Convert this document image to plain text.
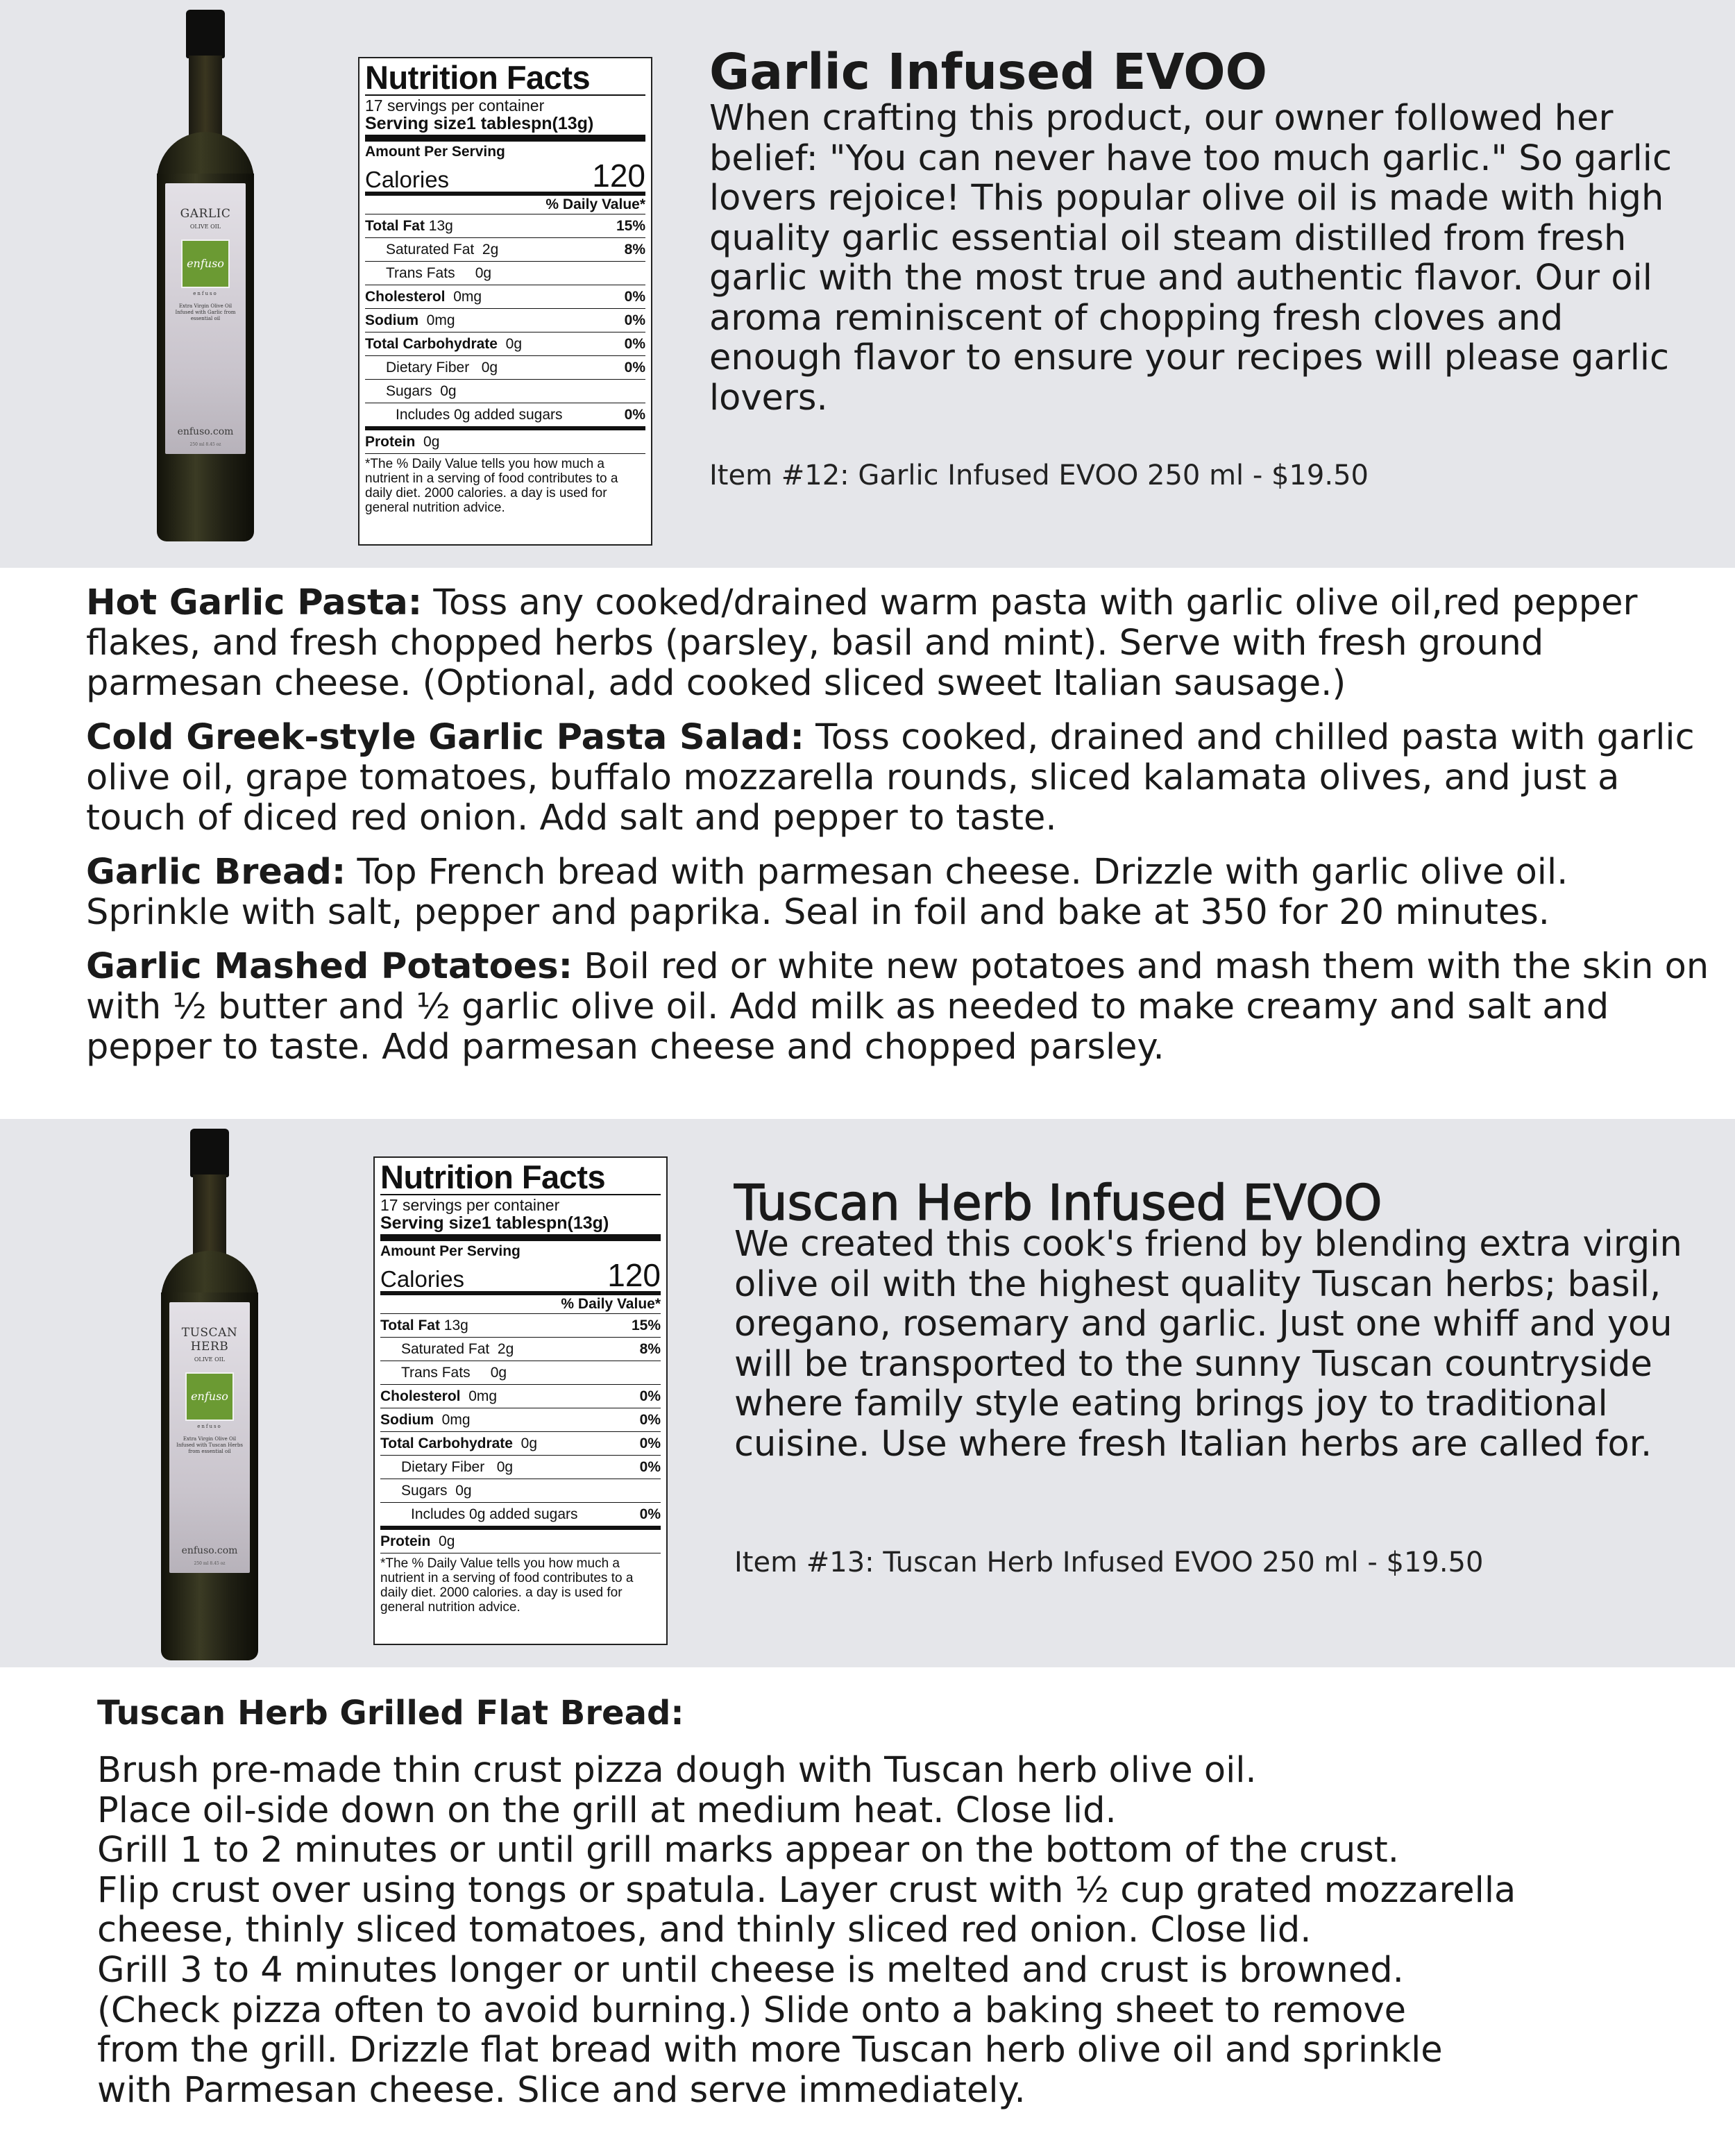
GARLIC
OLIVE OIL
enfuso
enfuso
Extra Virgin Olive Oil Infused with Garlic from essential oil
enfuso.com
250 ml 8.45 oz
Nutrition Facts
17 servings per container
Serving size1 tablespn(13g)
Amount Per Serving
Calories	120
% Daily Value*
Total Fat 13g	15%
Saturated Fat  2g	8%
Trans Fats     0g
Cholesterol  0mg	0%
Sodium  0mg	0%
Total Carbohydrate  0g	0%
Dietary Fiber   0g	0%
Sugars  0g
Includes 0g added sugars	0%
Protein  0g
*The % Daily Value tells you how much a nutrient in a serving of food contributes to a daily diet. 2000 calories. a day is used for general nutrition advice.
Garlic Infused EVOO
When crafting this product, our owner followed her belief: "You can never have too much garlic." So garlic lovers rejoice! This popular olive oil is made with high quality garlic essential oil steam distilled from fresh garlic with the most true and authentic flavor. Our oil aroma reminiscent of chopping fresh cloves and enough flavor to ensure your recipes will please garlic lovers.
Item #12: Garlic Infused EVOO 250 ml - $19.50
Hot Garlic Pasta: Toss any cooked/drained warm pasta with garlic olive oil,red pepper flakes, and fresh chopped herbs (parsley, basil and mint). Serve with fresh ground parmesan cheese. (Optional, add cooked sliced sweet Italian sausage.)
Cold Greek-style Garlic Pasta Salad: Toss cooked, drained and chilled pasta with garlic olive oil, grape tomatoes, buffalo mozzarella rounds, sliced kalamata olives, and just a touch of diced red onion. Add salt and pepper to taste.
Garlic Bread: Top French bread with parmesan cheese. Drizzle with garlic olive oil. Sprinkle with salt, pepper and paprika. Seal in foil and bake at 350 for 20 minutes.
Garlic Mashed Potatoes: Boil red or white new potatoes and mash them with the skin on with ½ butter and ½ garlic olive oil. Add milk as needed to make creamy and salt and pepper to taste. Add parmesan cheese and chopped parsley.
TUSCAN HERB
OLIVE OIL
enfuso
enfuso
Extra Virgin Olive Oil Infused with Tuscan Herbs from essential oil
enfuso.com
250 ml 8.45 oz
Nutrition Facts
17 servings per container
Serving size1 tablespn(13g)
Amount Per Serving
Calories	120
% Daily Value*
Total Fat 13g	15%
Saturated Fat  2g	8%
Trans Fats     0g
Cholesterol  0mg	0%
Sodium  0mg	0%
Total Carbohydrate  0g	0%
Dietary Fiber   0g	0%
Sugars  0g
Includes 0g added sugars	0%
Protein  0g
*The % Daily Value tells you how much a nutrient in a serving of food contributes to a daily diet. 2000 calories. a day is used for general nutrition advice.
Tuscan Herb Infused EVOO
We created this cook's friend by blending extra virgin olive oil with the highest quality Tuscan herbs; basil, oregano, rosemary and garlic. Just one whiff and you will be transported to the sunny Tuscan countryside where family style eating brings joy to traditional cuisine. Use where fresh Italian herbs are called for.
Item #13: Tuscan Herb Infused EVOO 250 ml - $19.50
Tuscan Herb Grilled Flat Bread:
Brush pre-made thin crust pizza dough with Tuscan herb olive oil.
Place oil-side down on the grill at medium heat. Close lid.
Grill 1 to 2 minutes or until grill marks appear on the bottom of the crust.
Flip crust over using tongs or spatula. Layer crust with ½ cup grated mozzarella
cheese, thinly sliced tomatoes, and thinly sliced red onion. Close lid.
Grill 3 to 4 minutes longer or until cheese is melted and crust is browned.
(Check pizza often to avoid burning.) Slide onto a baking sheet to remove
from the grill. Drizzle flat bread with more Tuscan herb olive oil and sprinkle
with Parmesan cheese. Slice and serve immediately.
